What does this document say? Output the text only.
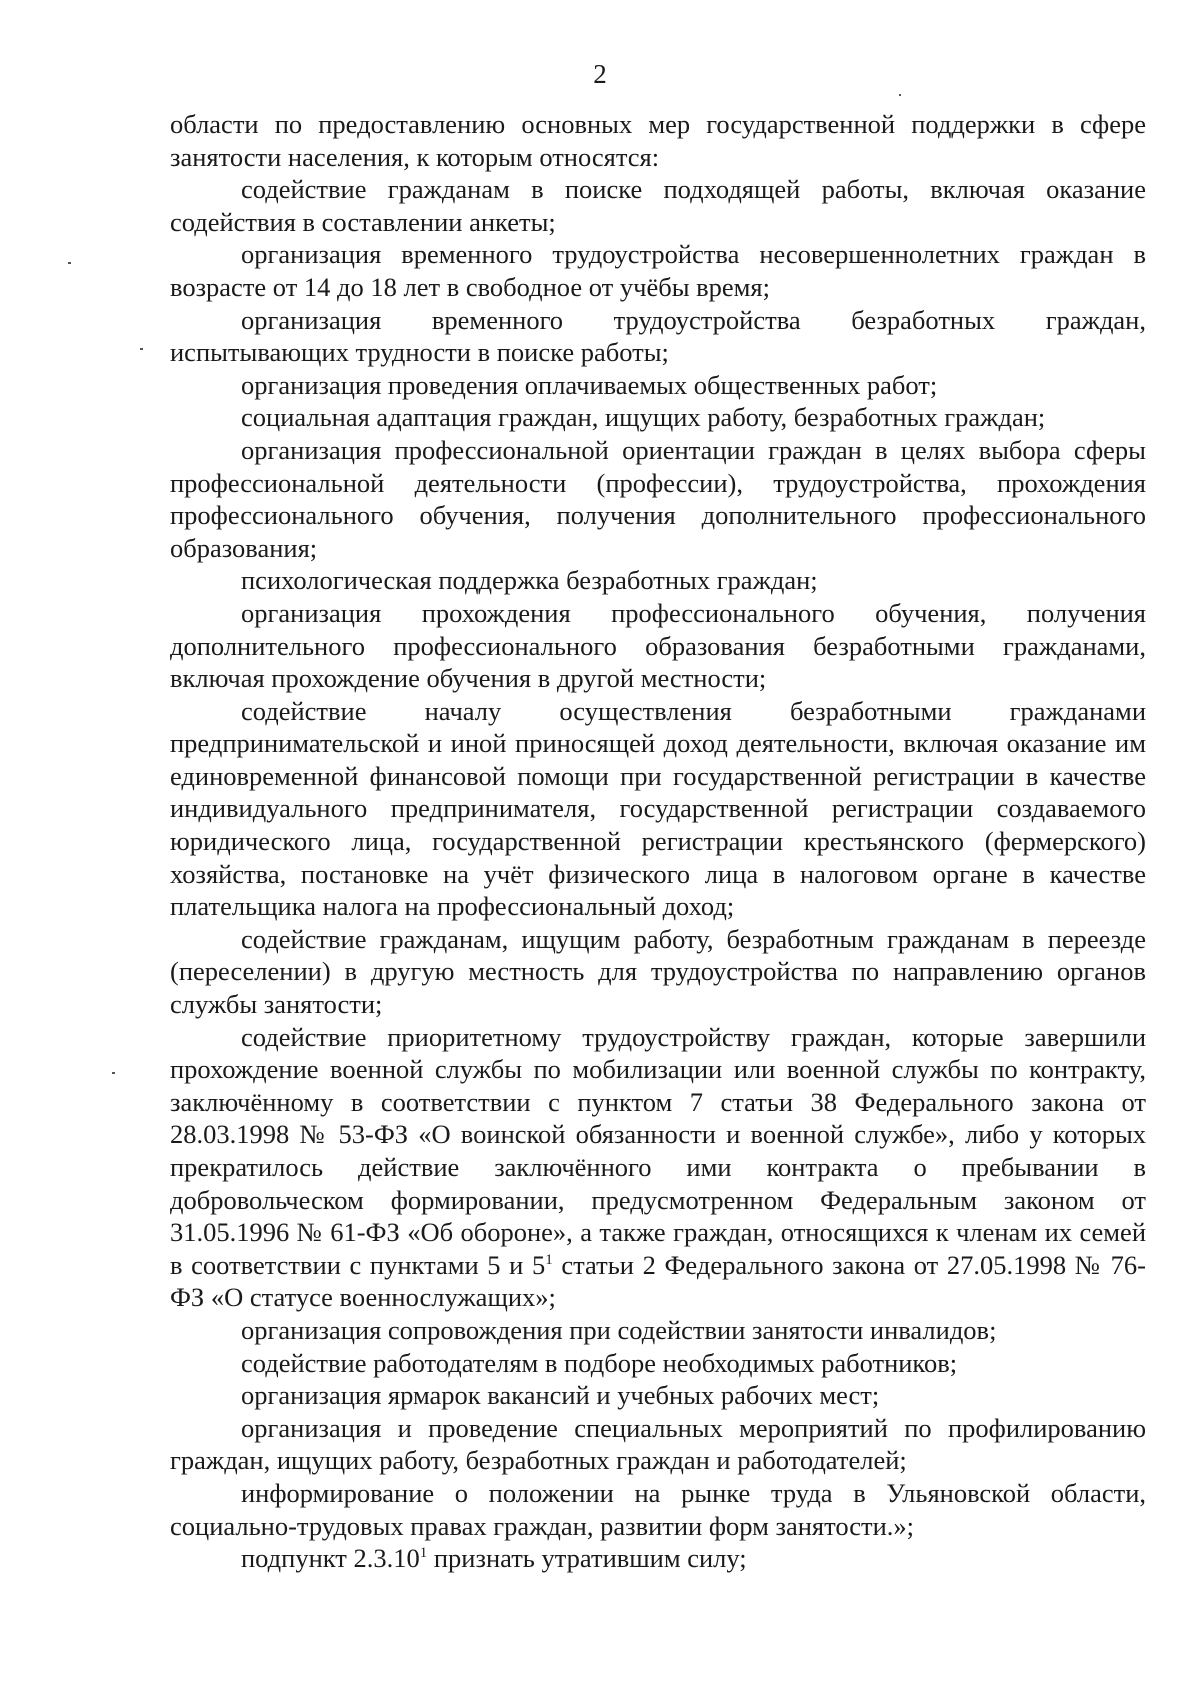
2

области по предоставлению основных мер государственной поддержки в сфере занятости населения, к которым относятся:

содействие гражданам в поиске подходящей работы, включая оказание содействия в составлении анкеты;

организация временного трудоустройства несовершеннолетних граждан в возрасте от 14 до 18 лет в свободное от учёбы время;

организация временного трудоустройства безработных граждан, испытывающих трудности в поиске работы;

организация проведения оплачиваемых общественных работ;

социальная адаптация граждан, ищущих работу, безработных граждан;

организация профессиональной ориентации граждан в целях выбора сферы профессиональной деятельности (профессии), трудоустройства, прохождения профессионального обучения, получения дополнительного профессионального образования;

психологическая поддержка безработных граждан;

организация прохождения профессионального обучения, получения дополнительного профессионального образования безработными гражданами, включая прохождение обучения в другой местности;

содействие началу осуществления безработными гражданами предпринимательской и иной приносящей доход деятельности, включая оказание им единовременной финансовой помощи при государственной регистрации в качестве индивидуального предпринимателя, государственной регистрации создаваемого юридического лица, государственной регистрации крестьянского (фермерского) хозяйства, постановке на учёт физического лица в налоговом органе в качестве плательщика налога на профессиональный доход;

содействие гражданам, ищущим работу, безработным гражданам в переезде (переселении) в другую местность для трудоустройства по направлению органов службы занятости;

содействие приоритетному трудоустройству граждан, которые завершили прохождение военной службы по мобилизации или военной службы по контракту, заключённому в соответствии с пунктом 7 статьи 38 Федерального закона от 28.03.1998 № 53-ФЗ «О воинской обязанности и военной службе», либо у которых прекратилось действие заключённого ими контракта о пребывании в добровольческом формировании, предусмотренном Федеральным законом от 31.05.1996 № 61-ФЗ «Об обороне», а также граждан, относящихся к членам их семей в соответствии с пунктами 5 и $5^1$ статьи 2 Федерального закона от 27.05.1998 № 76-ФЗ «О статусе военнослужащих»;

организация сопровождения при содействии занятости инвалидов;

содействие работодателям в подборе необходимых работников;

организация ярмарок вакансий и учебных рабочих мест;

организация и проведение специальных мероприятий по профилированию граждан, ищущих работу, безработных граждан и работодателей;

информирование о положении на рынке труда в Ульяновской области, социально-трудовых правах граждан, развитии форм занятости.»;

подпункт 2.3.10$^1$ признать утратившим силу;
